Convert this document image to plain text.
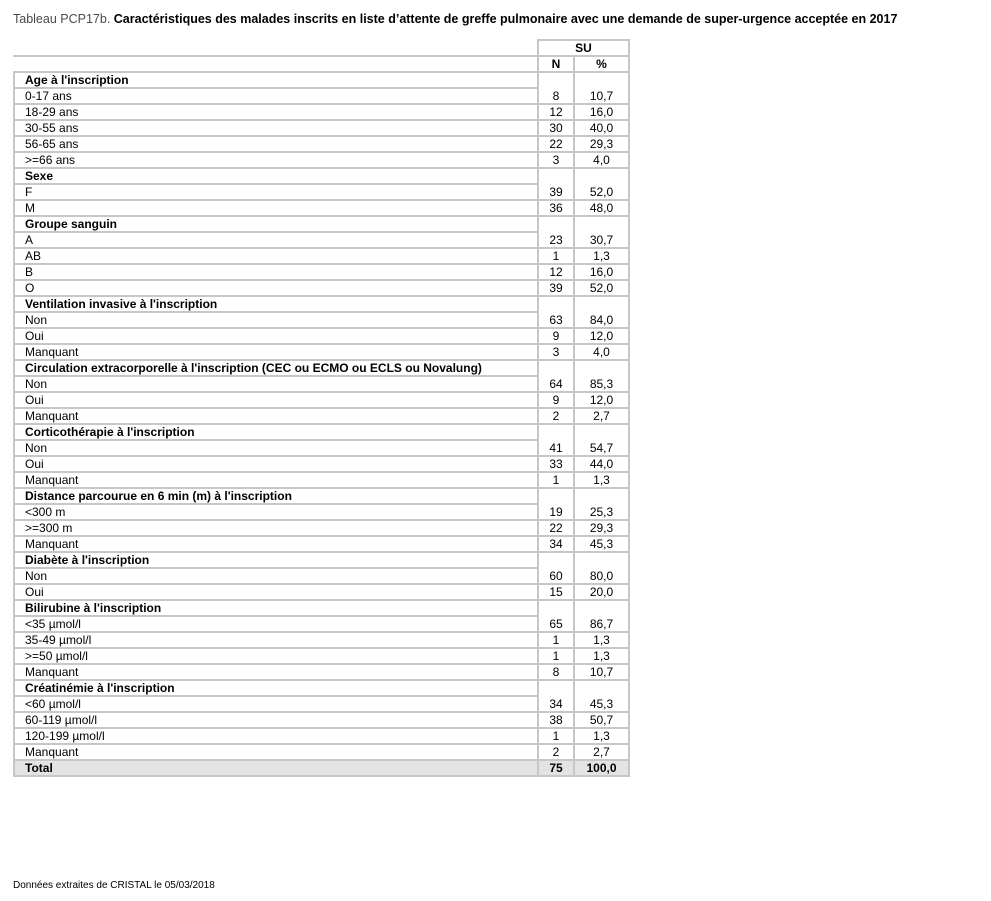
Tableau PCP17b. Caractéristiques des malades inscrits en liste d’attente de greffe pulmonaire avec une demande de super-urgence acceptée en 2017
	SU	
	N	%
Age à l'inscription		
0-17 ans	8	10,7
18-29 ans	12	16,0
30-55 ans	30	40,0
56-65 ans	22	29,3
>=66 ans	3	4,0
Sexe		
F	39	52,0
M	36	48,0
Groupe sanguin		
A	23	30,7
AB	1	1,3
B	12	16,0
O	39	52,0
Ventilation invasive à l'inscription		
Non	63	84,0
Oui	9	12,0
Manquant	3	4,0
Circulation extracorporelle à l'inscription (CEC ou ECMO ou ECLS ou Novalung)		
Non	64	85,3
Oui	9	12,0
Manquant	2	2,7
Corticothérapie à l'inscription		
Non	41	54,7
Oui	33	44,0
Manquant	1	1,3
Distance parcourue en 6 min (m) à l'inscription		
<300 m	19	25,3
>=300 m	22	29,3
Manquant	34	45,3
Diabète à l'inscription		
Non	60	80,0
Oui	15	20,0
Bilirubine à l'inscription		
<35 µmol/l	65	86,7
35-49 µmol/l	1	1,3
>=50 µmol/l	1	1,3
Manquant	8	10,7
Créatinémie à l'inscription		
<60 µmol/l	34	45,3
60-119 µmol/l	38	50,7
120-199 µmol/l	1	1,3
Manquant	2	2,7
Total	75	100,0
Données extraites de CRISTAL le 05/03/2018
